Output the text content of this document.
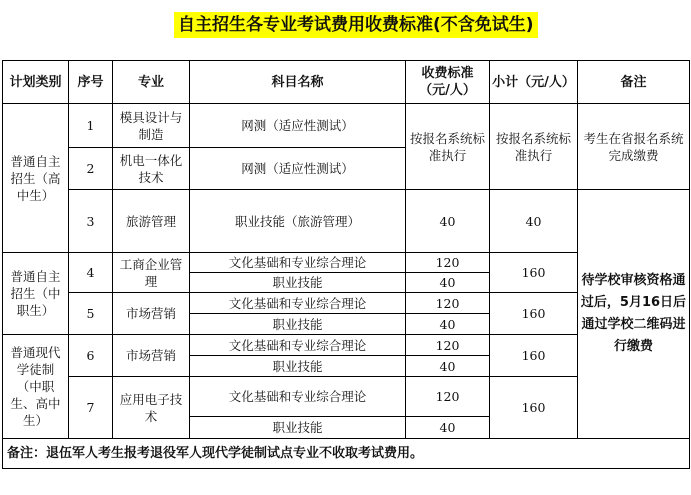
自主招生各专业考试费用收费标准(不含免试生)
计划类别	序号	专业	科目名称	收费标准（元/人）	小计（元/人）	备注
普通自主招生（高中生）	1	模具设计与制造	网测（适应性测试）	按报名系统标准执行	按报名系统标准执行	考生在省报名系统完成缴费
	2	机电一体化技术	网测（适应性测试）			
	3	旅游管理	职业技能（旅游管理）	40	40	待学校审核资格通过后，5月16日后通过学校二维码进行缴费
普通自主招生（中职生）	4	工商企业管理	文化基础和专业综合理论	120	160	
			职业技能	40		
	5	市场营销	文化基础和专业综合理论	120	160	
			职业技能	40		
普通现代学徒制（中职生、高中生）	6	市场营销	文化基础和专业综合理论	120	160	
			职业技能	40		
	7	应用电子技术	文化基础和专业综合理论	120	160	
			职业技能	40		
备注：退伍军人考生报考退役军人现代学徒制试点专业不收取考试费用。						
